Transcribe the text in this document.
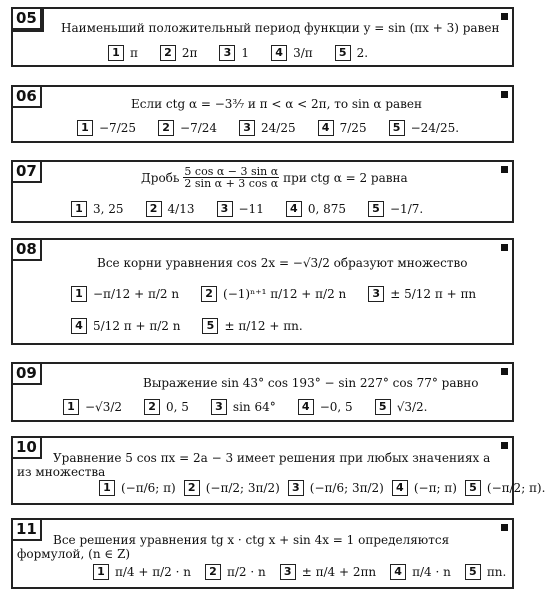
05
Наименьший положительный период функции y = sin (πx + 3) равен
1 π	2 2π	3 1	4 3/π	5 2.
06	Если ctg α = −3³⁄₇ и π < α < 2π, то sin α равен
1 −7/25	2 −7/24	3 24/25	4 7/25	5 −24/25.
07	Дробь $\frac{\text{5 cos α − 3 sin α}}{\text{2 sin α + 3 cos α}}$ при ctg α = 2 равна
1 3, 25	2 4/13	3 −11	4 0, 875	5 −1/7.
08
Все корни уравнения cos 2x = −√3/2 образуют множество
1 −π/12 + π/2 n	2 (−1)ⁿ⁺¹ π/12 + π/2 n	3 ± 5/12 π + πn
4 5/12 π + π/2 n	5 ± π/12 + πn.
09
Выражение sin 43° cos 193° − sin 227° cos 77° равно
1 −√3/2	2 0, 5	3 sin 64°	4 −0, 5	5 √3/2.
10
Уравнение 5 cos πx = 2a − 3 имеет решения при любых значениях a из множества
1 (−π/6; π)	2 (−π/2; 3π/2)	3 (−π/6; 3π/2)	4 (−π; π)	5 (−π/2; π).
11
Все решения уравнения tg x · ctg x + sin 4x = 1 определяются формулой, (n ∈ Z)
1 π/4 + π/2 · n	2 π/2 · n	3 ± π/4 + 2πn	4 π/4 · n	5 πn.
